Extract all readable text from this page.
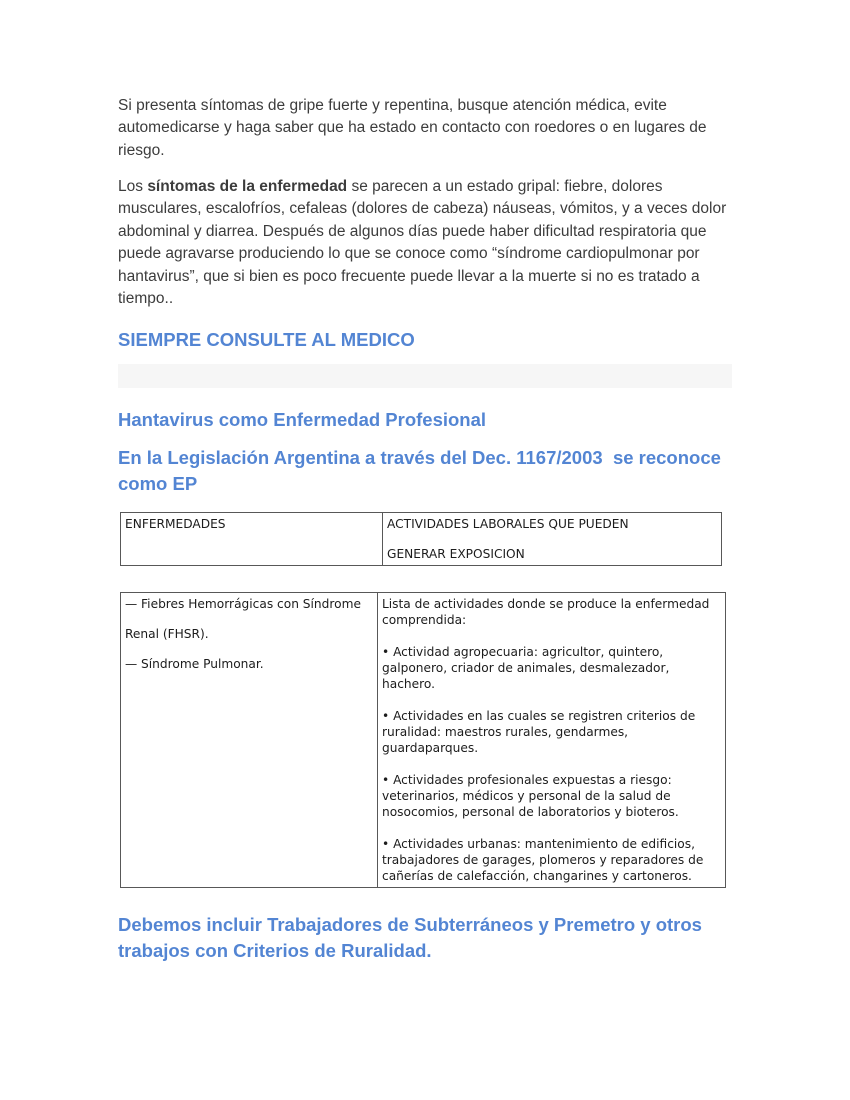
Si presenta síntomas de gripe fuerte y repentina, busque atención médica, evite automedicarse y haga saber que ha estado en contacto con roedores o en lugares de riesgo.

Los síntomas de la enfermedad se parecen a un estado gripal: fiebre, dolores musculares, escalofríos, cefaleas (dolores de cabeza) náuseas, vómitos, y a veces dolor abdominal y diarrea. Después de algunos días puede haber dificultad respiratoria que puede agravarse produciendo lo que se conoce como “síndrome cardiopulmonar por hantavirus”, que si bien es poco frecuente puede llevar a la muerte si no es tratado a tiempo..

SIEMPRE CONSULTE AL MEDICO
Hantavirus como Enfermedad Profesional
En la Legislación Argentina a través del Dec. 1167/2003  se reconoce como EP
ENFERMEDADES	ACTIVIDADES LABORALES QUE PUEDEN
GENERAR EXPOSICION
— Fiebres Hemorrágicas con Síndrome
Renal (FHSR).
— Síndrome Pulmonar.

Lista de actividades donde se produce la enfermedad comprendida:

• Actividad agropecuaria: agricultor, quintero, galponero, criador de animales, desmalezador, hachero.

• Actividades en las cuales se registren criterios de ruralidad: maestros rurales, gendarmes, guardaparques.

• Actividades profesionales expuestas a riesgo: veterinarios, médicos y personal de la salud de nosocomios, personal de laboratorios y bioteros.

• Actividades urbanas: mantenimiento de edificios, trabajadores de garages, plomeros y reparadores de cañerías de calefacción, changarines y cartoneros.

Debemos incluir Trabajadores de Subterráneos y Premetro y otros trabajos con Criterios de Ruralidad.
